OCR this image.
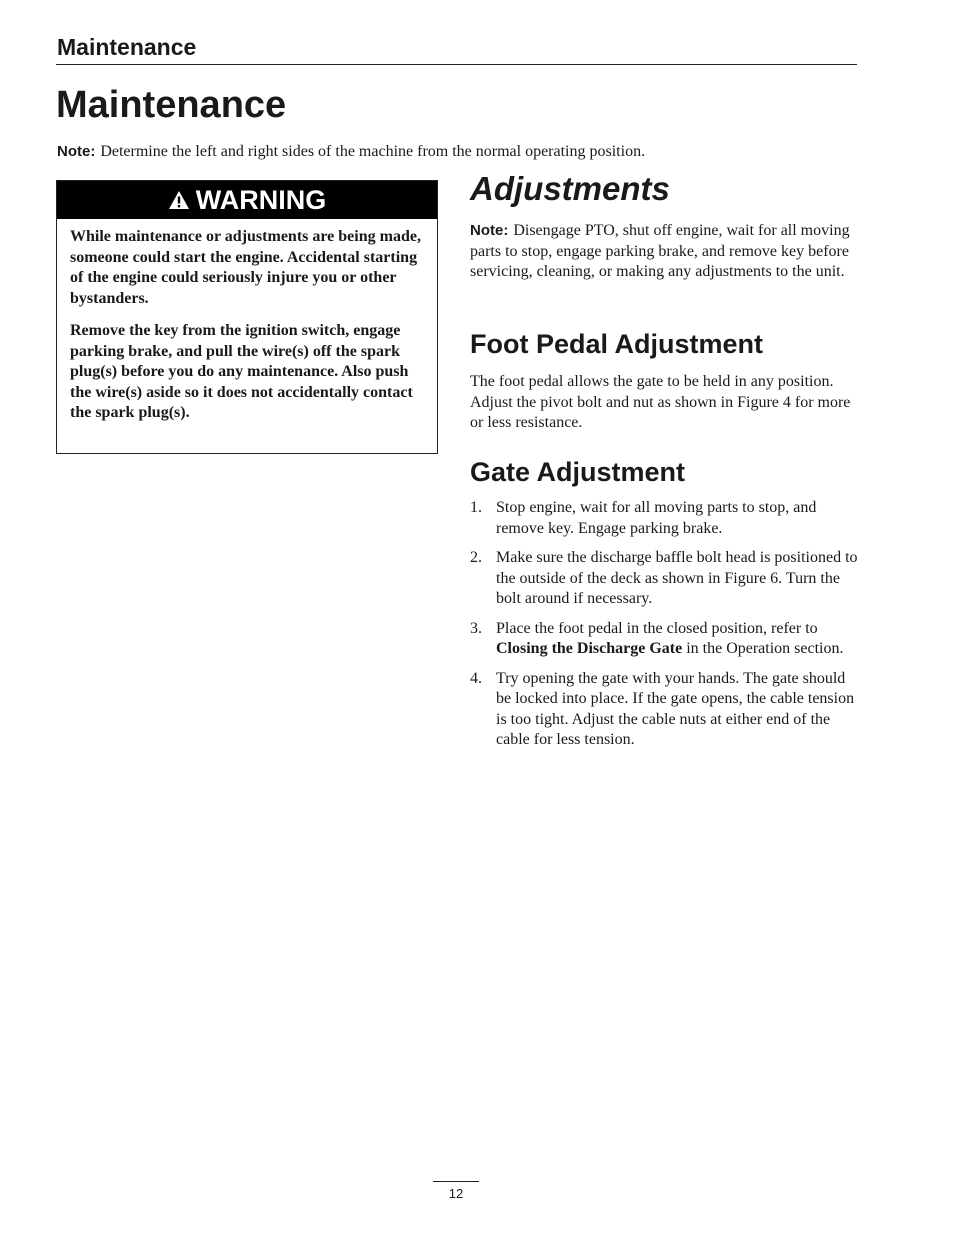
Maintenance
Maintenance
Note: Determine the left and right sides of the machine from the normal operating position.
WARNING

While maintenance or adjustments are being made, someone could start the engine. Accidental starting of the engine could seriously injure you or other bystanders.

Remove the key from the ignition switch, engage parking brake, and pull the wire(s) off the spark plug(s) before you do any maintenance. Also push the wire(s) aside so it does not accidentally contact the spark plug(s).

Adjustments
Note: Disengage PTO, shut off engine, wait for all moving parts to stop, engage parking brake, and remove key before servicing, cleaning, or making any adjustments to the unit.
Foot Pedal Adjustment
The foot pedal allows the gate to be held in any position. Adjust the pivot bolt and nut as shown in Figure 4 for more or less resistance.
Gate Adjustment
1. Stop engine, wait for all moving parts to stop, and remove key. Engage parking brake.
2. Make sure the discharge baffle bolt head is positioned to the outside of the deck as shown in Figure 6. Turn the bolt around if necessary.
3. Place the foot pedal in the closed position, refer to Closing the Discharge Gate in the Operation section.
4. Try opening the gate with your hands. The gate should be locked into place. If the gate opens, the cable tension is too tight. Adjust the cable nuts at either end of the cable for less tension.
12
